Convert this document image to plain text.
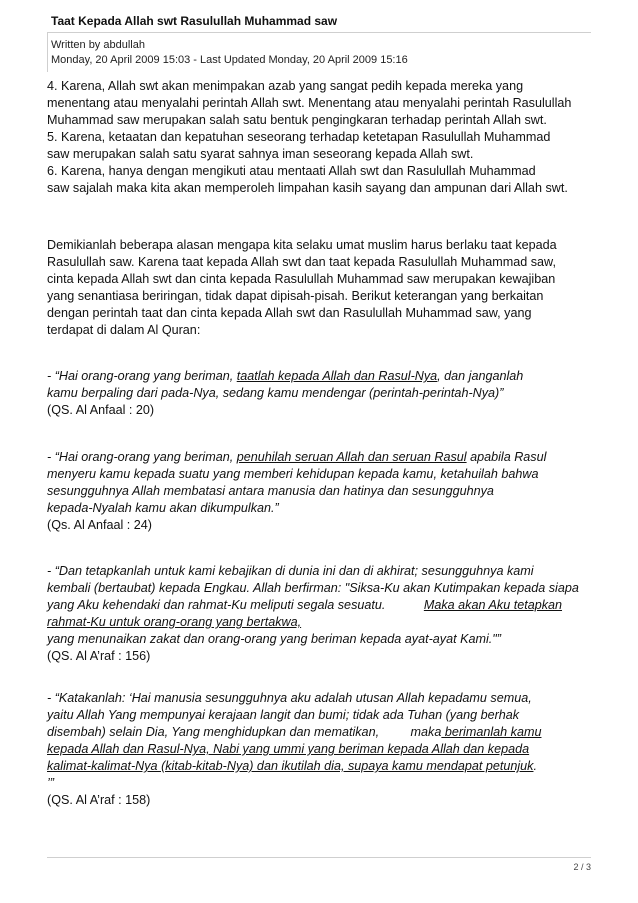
Taat Kepada Allah swt Rasulullah Muhammad saw
Written by abdullah
Monday, 20 April 2009 15:03 - Last Updated Monday, 20 April 2009 15:16

4. Karena, Allah swt akan menimpakan azab yang sangat pedih kepada mereka yang

menentang atau menyalahi perintah Allah swt. Menentang atau menyalahi perintah Rasulullah

Muhammad saw merupakan salah satu bentuk pengingkaran terhadap perintah Allah swt.

5. Karena, ketaatan dan kepatuhan seseorang terhadap ketetapan Rasulullah Muhammad

saw merupakan salah satu syarat sahnya iman seseorang kepada Allah swt.

6. Karena, hanya dengan mengikuti atau mentaati Allah swt dan Rasulullah Muhammad

saw sajalah maka kita akan memperoleh limpahan kasih sayang dan ampunan dari Allah swt.

Demikianlah beberapa alasan mengapa kita selaku umat muslim harus berlaku taat kepada

Rasulullah saw. Karena taat kepada Allah swt dan taat kepada Rasulullah Muhammad saw,

cinta kepada Allah swt dan cinta kepada Rasulullah Muhammad saw merupakan kewajiban

yang senantiasa beriringan, tidak dapat dipisah-pisah. Berikut keterangan yang berkaitan

dengan perintah taat dan cinta kepada Allah swt dan Rasulullah Muhammad saw, yang

terdapat di dalam Al Quran:

- “Hai orang-orang yang beriman, taatlah kepada Allah dan Rasul-Nya, dan janganlah

kamu berpaling dari pada-Nya, sedang kamu mendengar (perintah-perintah-Nya)”

(QS. Al Anfaal : 20)

- “Hai orang-orang yang beriman, penuhilah seruan Allah dan seruan Rasul apabila Rasul

menyeru kamu kepada suatu yang memberi kehidupan kepada kamu, ketahuilah bahwa

sesungguhnya Allah membatasi antara manusia dan hatinya dan sesungguhnya

kepada-Nyalah kamu akan dikumpulkan.”

(Qs. Al Anfaal : 24)

- “Dan tetapkanlah untuk kami kebajikan di dunia ini dan di akhirat; sesungguhnya kami

kembali (bertaubat) kepada Engkau. Allah berfirman: "Siksa-Ku akan Kutimpakan kepada siapa

yang Aku kehendaki dan rahmat-Ku meliputi segala sesuatu.           Maka akan Aku tetapkan

rahmat-Ku untuk orang-orang yang bertakwa,

yang menunaikan zakat dan orang-orang yang beriman kepada ayat-ayat Kami."”

(QS. Al A’raf : 156)

- “Katakanlah: ‘Hai manusia sesungguhnya aku adalah utusan Allah kepadamu semua,

yaitu Allah Yang mempunyai kerajaan langit dan bumi; tidak ada Tuhan (yang berhak

disembah) selain Dia, Yang menghidupkan dan mematikan,         maka berimanlah kamu

kepada Allah dan Rasul-Nya, Nabi yang ummi yang beriman kepada Allah dan kepada

kalimat-kalimat-Nya (kitab-kitab-Nya) dan ikutilah dia, supaya kamu mendapat petunjuk.

’”

(QS. Al A’raf : 158)

2 / 3
